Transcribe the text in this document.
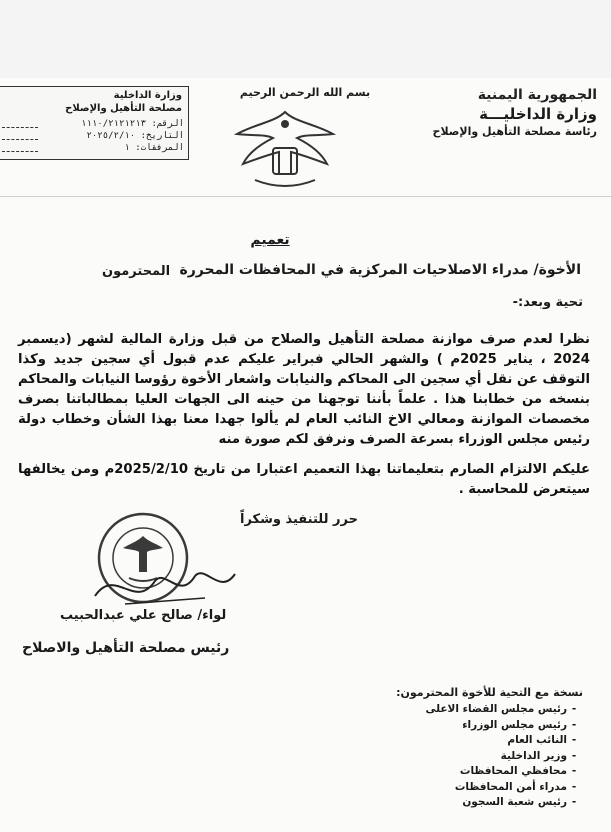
الجمهورية اليمنية
وزارة الداخليـــة
رئاسة مصلحة التأهيل والإصلاح
بسم الله الرحمن الرحيم
وزارة الداخلية
مصلحة التأهيل والإصلاح
الرقم: ١١١٠/٢١٢١٢١٣
التاريخ: ٢٠٢٥/٢/١٠
المرفقات: ١
تعميم
الأخوة/ مدراء الاصلاحيات المركزية في المحافظات المحررة
المحترمون
تحية وبعد:-

نظرا لعدم صرف موازنة مصلحة التأهيل والصلاح من قبل وزارة المالية لشهر (ديسمبر 2024 ، يناير 2025م ) والشهر الحالي فبراير عليكم عدم قبول أي سجين جديد وكذا التوقف عن نقل أي سجين الى المحاكم والنيابات واشعار الأخوة رؤوسا النيابات والمحاكم بنسخه من خطابنا هذا . علماً بأننا توجهنا من حينه الى الجهات العليا بمطالباتنا بصرف مخصصات الموازنة ومعالي الاخ النائب العام لم يألوا جهدا معنا بهذا الشأن وخطاب دولة رئيس مجلس الوزراء بسرعة الصرف ونرفق لكم صورة منه

عليكم الالتزام الصارم بتعليماتنا بهذا التعميم اعتبارا من تاريخ 2025/2/10م ومن يخالفها سيتعرض للمحاسبة .

حرر للتنفيذ وشكراً
لواء/ صالح علي عبدالحبيب
رئيس مصلحة التأهيل والاصلاح
نسخة مع التحية للأخوة المحترمون:
-رئيس مجلس القضاء الاعلى
-رئيس مجلس الوزراء
-النائب العام
-وزير الداخلية
-محافظي المحافظات
-مدراء أمن المحافظات
-رئيس شعبة السجون
